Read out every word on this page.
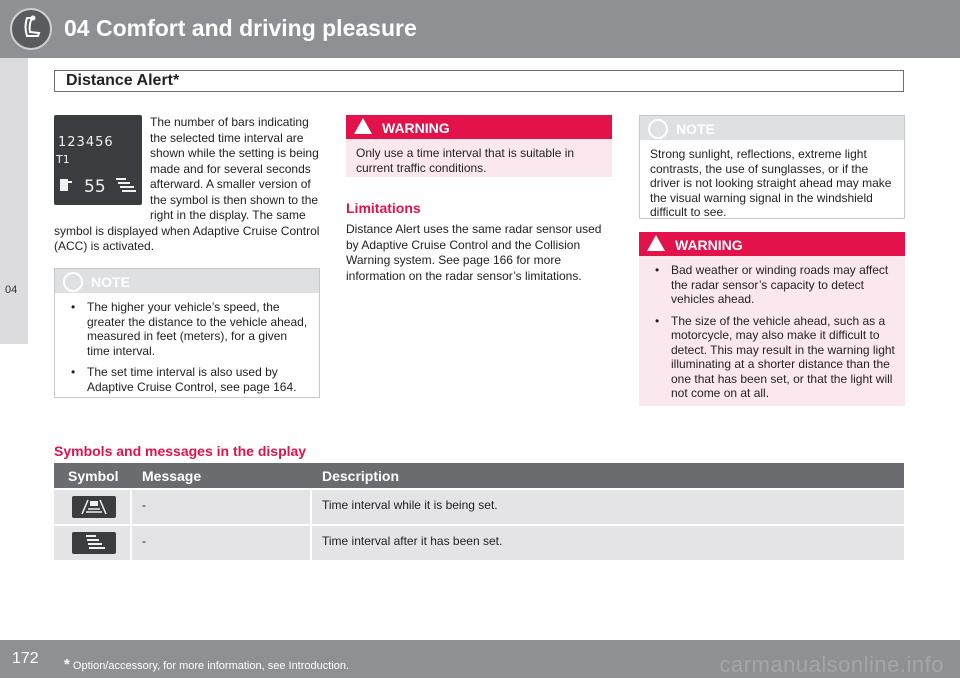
04 Comfort and driving pleasure
Distance Alert*
04
123456
T1
55
The number of bars indicating the selected time interval are shown while the setting is being made and for several seconds afterward. A smaller version of the symbol is then shown to the right in the display. The same symbol is displayed when Adaptive Cruise Control (ACC) is activated.
NOTE
• The higher your vehicle’s speed, the greater the distance to the vehicle ahead, measured in feet (meters), for a given time interval.
• The set time interval is also used by Adaptive Cruise Control, see page 164.
WARNING
Only use a time interval that is suitable in current traffic conditions.
Limitations
Distance Alert uses the same radar sensor used by Adaptive Cruise Control and the Collision Warning system. See page 166 for more information on the radar sensor’s limitations.
NOTE
Strong sunlight, reflections, extreme light contrasts, the use of sunglasses, or if the driver is not looking straight ahead may make the visual warning signal in the windshield difficult to see.
WARNING
• Bad weather or winding roads may affect the radar sensor’s capacity to detect vehicles ahead.
• The size of the vehicle ahead, such as a motorcycle, may also make it difficult to detect. This may result in the warning light illuminating at a shorter distance than the one that has been set, or that the light will not come on at all.
Symbols and messages in the display
Symbol Message	Description
-	Time interval while it is being set.
-	Time interval after it has been set.
172 * Option/accessory, for more information, see Introduction.	carmanualsonline.info
